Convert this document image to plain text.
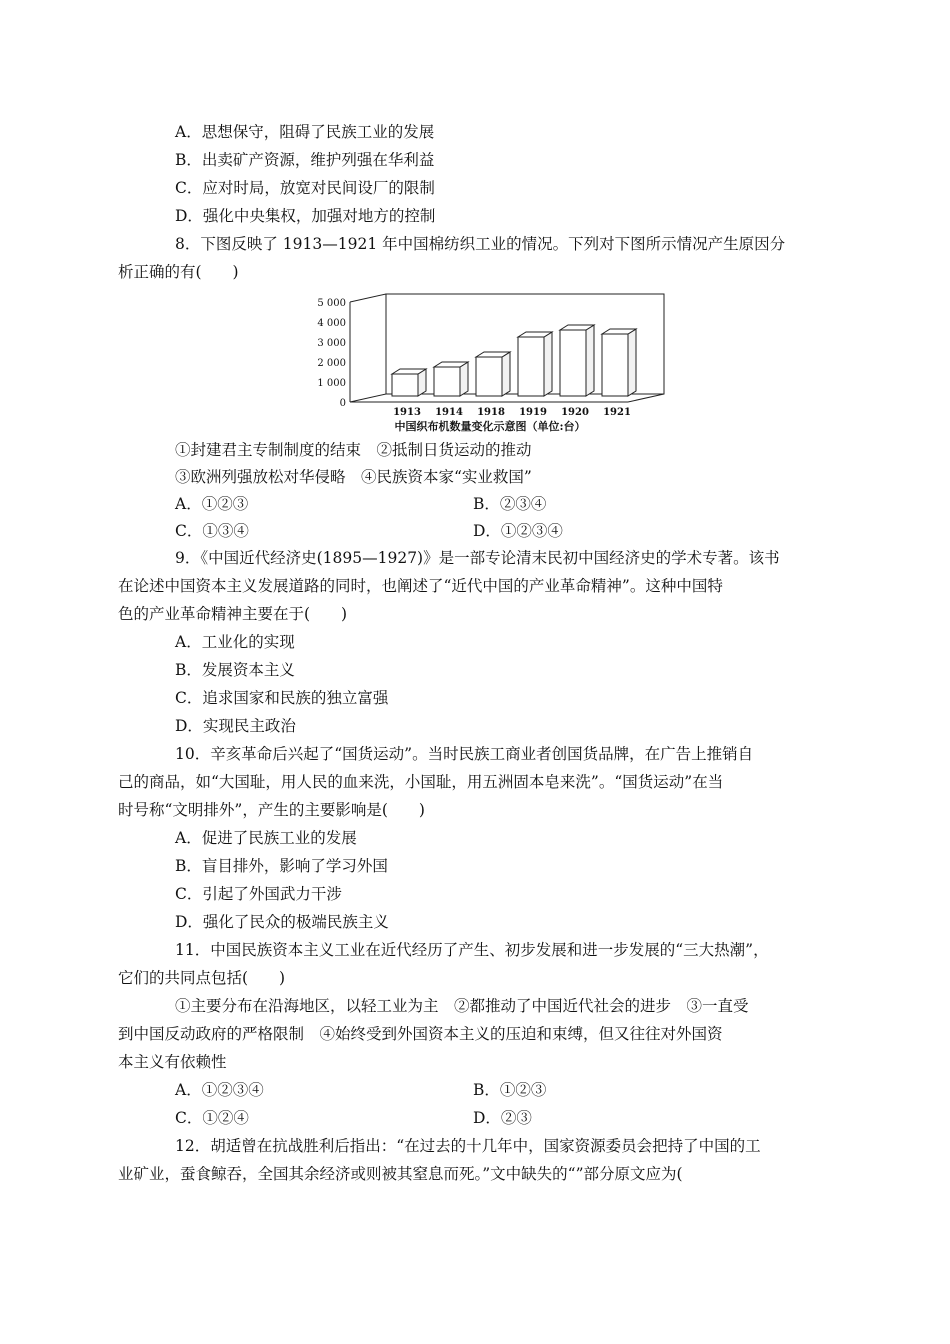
A．思想保守，阻碍了民族工业的发展
B．出卖矿产资源，维护列强在华利益
C．应对时局，放宽对民间设厂的限制
D．强化中央集权，加强对地方的控制
8．下图反映了 1913—1921 年中国棉纺织工业的情况。下列对下图所示情况产生原因分
析正确的有(　　)
0
1 000
2 000
3 000
4 000
5 000
1913 1914 1918 1919 1920 1921
中国织布机数量变化示意图（单位:台）
①封建君主专制制度的结束　②抵制日货运动的推动
③欧洲列强放松对华侵略　④民族资本家“实业救国”
A．①②③	B．②③④
C．①③④	D．①②③④
9．《中国近代经济史(1895—1927)》是一部专论清末民初中国经济史的学术专著。该书
在论述中国资本主义发展道路的同时，也阐述了“近代中国的产业革命精神”。这种中国特
色的产业革命精神主要在于(　　)
A．工业化的实现
B．发展资本主义
C．追求国家和民族的独立富强
D．实现民主政治
10．辛亥革命后兴起了“国货运动”。当时民族工商业者创国货品牌，在广告上推销自
己的商品，如“大国耻，用人民的血来洗，小国耻，用五洲固本皂来洗”。“国货运动”在当
时号称“文明排外”，产生的主要影响是(　　)
A．促进了民族工业的发展
B．盲目排外，影响了学习外国
C．引起了外国武力干涉
D．强化了民众的极端民族主义
11．中国民族资本主义工业在近代经历了产生、初步发展和进一步发展的“三大热潮”，
它们的共同点包括(　　)
①主要分布在沿海地区，以轻工业为主　②都推动了中国近代社会的进步　③一直受
到中国反动政府的严格限制　④始终受到外国资本主义的压迫和束缚，但又往往对外国资
本主义有依赖性
A．①②③④	B．①②③
C．①②④	D．②③
12．胡适曾在抗战胜利后指出：“在过去的十几年中，国家资源委员会把持了中国的工
业矿业，蚕食鲸吞，全国其余经济或则被其窒息而死。”文中缺失的“”部分原文应为(
